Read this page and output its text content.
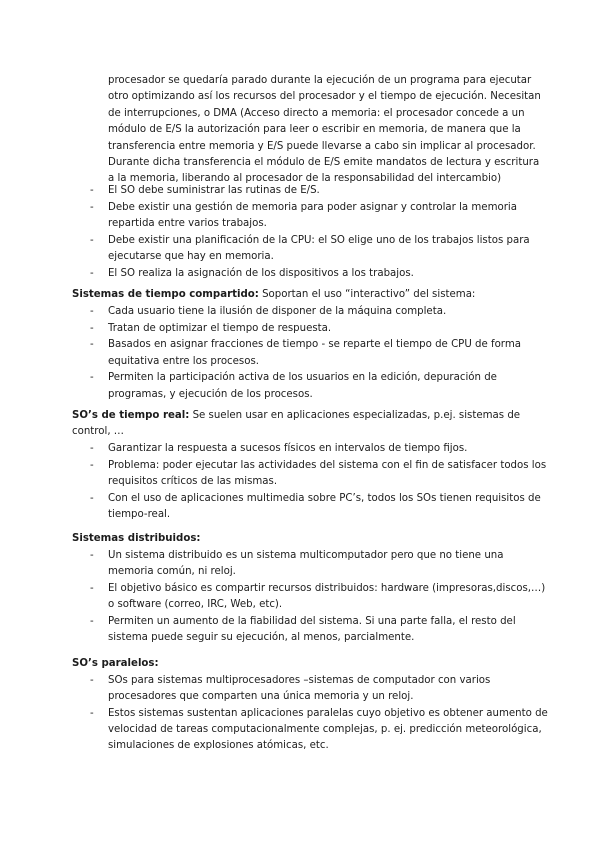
procesador se quedaría parado durante la ejecución de un programa para ejecutar
otro optimizando así los recursos del procesador y el tiempo de ejecución. Necesitan
de interrupciones, o DMA (Acceso directo a memoria: el procesador concede a un
módulo de E/S la autorización para leer o escribir en memoria, de manera que la
transferencia entre memoria y E/S puede llevarse a cabo sin implicar al procesador.
Durante dicha transferencia el módulo de E/S emite mandatos de lectura y escritura
a la memoria, liberando al procesador de la responsabilidad del intercambio)
- El SO debe suministrar las rutinas de E/S.
- Debe existir una gestión de memoria para poder asignar y controlar la memoria
repartida entre varios trabajos.
- Debe existir una planificación de la CPU: el SO elige uno de los trabajos listos para
ejecutarse que hay en memoria.
- El SO realiza la asignación de los dispositivos a los trabajos.
Sistemas de tiempo compartido: Soportan el uso “interactivo” del sistema:
- Cada usuario tiene la ilusión de disponer de la máquina completa.
- Tratan de optimizar el tiempo de respuesta.
- Basados en asignar fracciones de tiempo - se reparte el tiempo de CPU de forma
equitativa entre los procesos.
- Permiten la participación activa de los usuarios en la edición, depuración de
programas, y ejecución de los procesos.
SO’s de tiempo real: Se suelen usar en aplicaciones especializadas, p.ej. sistemas de
control, …
- Garantizar la respuesta a sucesos físicos en intervalos de tiempo fijos.
- Problema: poder ejecutar las actividades del sistema con el fin de satisfacer todos los
requisitos críticos de las mismas.
- Con el uso de aplicaciones multimedia sobre PC’s, todos los SOs tienen requisitos de
tiempo-real.
Sistemas distribuidos:
- Un sistema distribuido es un sistema multicomputador pero que no tiene una
memoria común, ni reloj.
- El objetivo básico es compartir recursos distribuidos: hardware (impresoras,discos,…)
o software (correo, IRC, Web, etc).
- Permiten un aumento de la fiabilidad del sistema. Si una parte falla, el resto del
sistema puede seguir su ejecución, al menos, parcialmente.
SO’s paralelos:
- SOs para sistemas multiprocesadores –sistemas de computador con varios
procesadores que comparten una única memoria y un reloj.
- Estos sistemas sustentan aplicaciones paralelas cuyo objetivo es obtener aumento de
velocidad de tareas computacionalmente complejas, p. ej. predicción meteorológica,
simulaciones de explosiones atómicas, etc.
